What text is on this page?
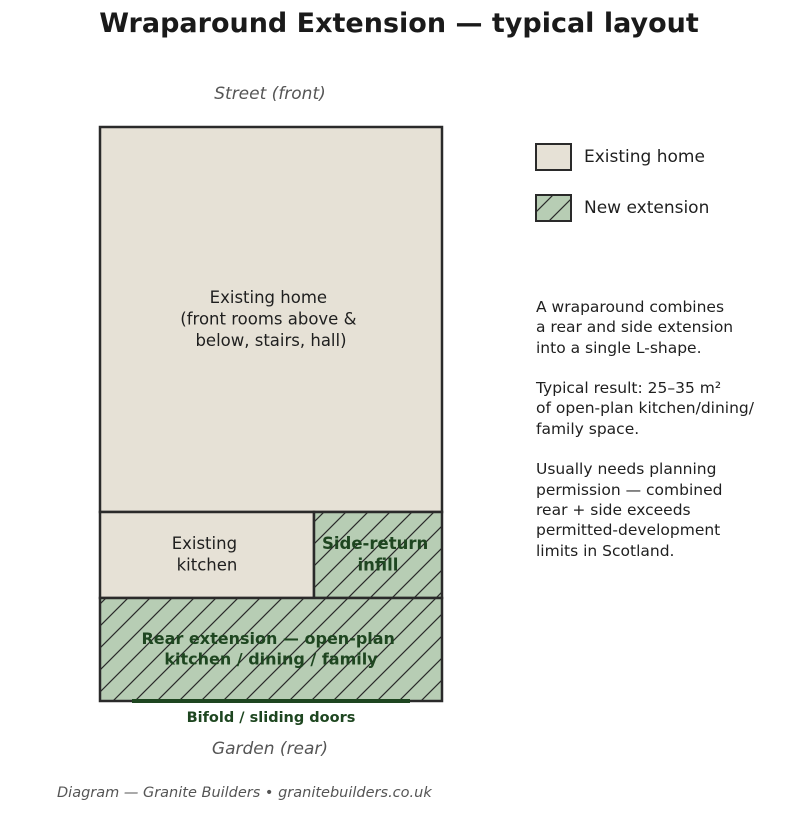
Wraparound Extension — typical layout
Street (front)
Existing home (front rooms above & below, stairs, hall)
Existing kitchen
Side-return infill
Rear extension — open-plan kitchen / dining / family
Bifold / sliding doors
Existing home
New extension

A wraparound combines
a rear and side extension
into a single L-shape.

Typical result: 25–35 m²
of open-plan kitchen/dining/
family space.

Usually needs planning
permission — combined
rear + side exceeds
permitted-development
limits in Scotland.

Garden (rear)
Diagram — Granite Builders • granitebuilders.co.uk
